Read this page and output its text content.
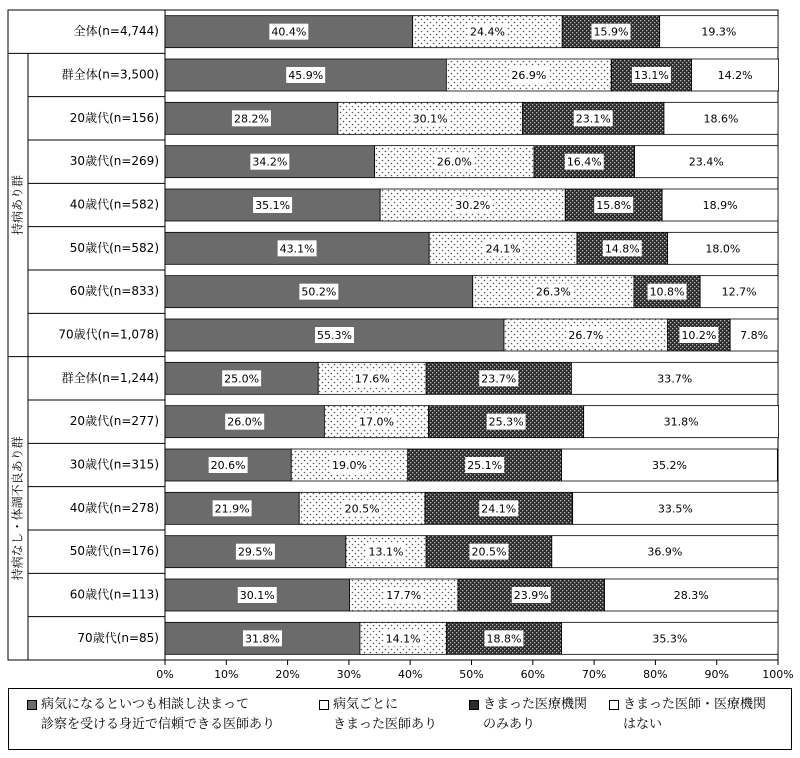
持病あり群
持病なし・体調不良あり群
0%	10%	20%	30%	40%	50%	60%	70%	80%	90%	100%
全体(n=4,744)	40.4%	24.4%	15.9%	19.3%
群全体(n=3,500)	45.9%	26.9%	13.1%	14.2%
20歳代(n=156)	28.2%	30.1%	23.1%	18.6%
30歳代(n=269)	34.2%	26.0%	16.4%	23.4%
40歳代(n=582)	35.1%	30.2%	15.8%	18.9%
50歳代(n=582)	43.1%	24.1%	14.8%	18.0%
60歳代(n=833)	50.2%	26.3%	10.8%	12.7%
70歳代(n=1,078)	55.3%	26.7%	10.2% 7.8%
群全体(n=1,244)	25.0%	17.6%	23.7%	33.7%
20歳代(n=277)	26.0%	17.0%	25.3%	31.8%
30歳代(n=315)	20.6%	19.0%	25.1%	35.2%
40歳代(n=278)	21.9%	20.5%	24.1%	33.5%
50歳代(n=176)	29.5%	13.1%	20.5%	36.9%
60歳代(n=113)	30.1%	17.7%	23.9%	28.3%
70歳代(n=85)	31.8%	14.1%	18.8%	35.3%
病気になるといつも相談し決まって
診察を受ける身近で信頼できる医師あり
病気ごとに
きまった医師あり
きまった医療機関
のみあり
きまった医師・医療機関
はない
